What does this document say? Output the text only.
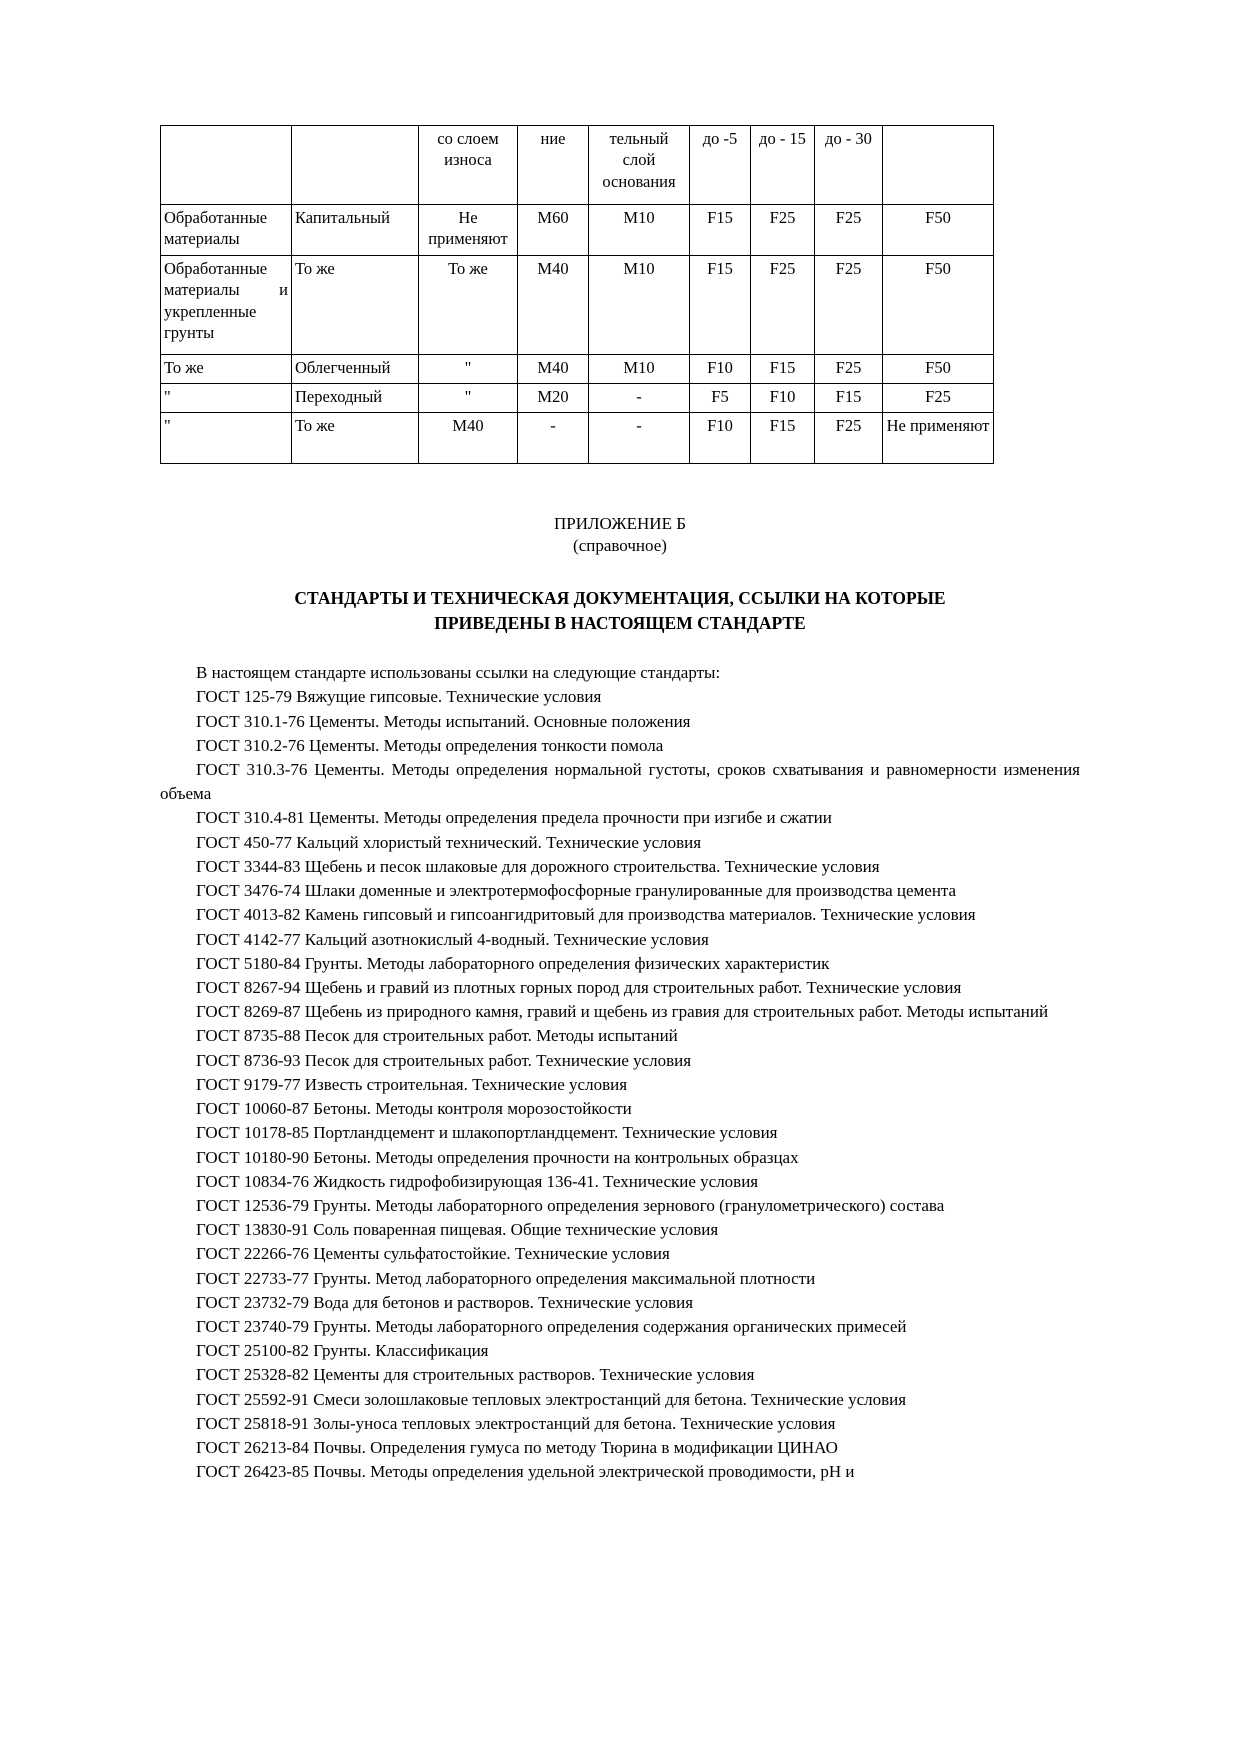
		со слоем износа	ние	тельный слой основания	до -5	до - 15	до - 30	
Обработанные материалы	Капитальный	Не применяют	М60	М10	F15	F25	F25	F50

Обработанные
материалы и
укрепленные
грунты	То же	То же	М40	М10	F15	F25	F25	F50
То же	Облегченный	"	М40	М10	F10	F15	F25	F50
"	Переходный	"	М20	-	F5	F10	F15	F25
"	То же	М40	-	-	F10	F15	F25	Не применяют
ПРИЛОЖЕНИЕ Б
(справочное)
СТАНДАРТЫ И ТЕХНИЧЕСКАЯ ДОКУМЕНТАЦИЯ, ССЫЛКИ НА КОТОРЫЕ
ПРИВЕДЕНЫ В НАСТОЯЩЕМ СТАНДАРТЕ

В настоящем стандарте использованы ссылки на следующие стандарты:

ГОСТ 125-79 Вяжущие гипсовые. Технические условия

ГОСТ 310.1-76 Цементы. Методы испытаний. Основные положения

ГОСТ 310.2-76 Цементы. Методы определения тонкости помола

ГОСТ 310.3-76 Цементы. Методы определения нормальной густоты, сроков схватывания и равномерности изменения объема

ГОСТ 310.4-81 Цементы. Методы определения предела прочности при изгибе и сжатии

ГОСТ 450-77 Кальций хлористый технический. Технические условия

ГОСТ 3344-83 Щебень и песок шлаковые для дорожного строительства. Технические условия

ГОСТ 3476-74 Шлаки доменные и электротермофосфорные гранулированные для производства цемента

ГОСТ 4013-82 Камень гипсовый и гипсоангидритовый для производства материалов. Технические условия

ГОСТ 4142-77 Кальций азотнокислый 4-водный. Технические условия

ГОСТ 5180-84 Грунты. Методы лабораторного определения физических характеристик

ГОСТ 8267-94 Щебень и гравий из плотных горных пород для строительных работ. Технические условия

ГОСТ 8269-87 Щебень из природного камня, гравий и щебень из гравия для строительных работ. Методы испытаний

ГОСТ 8735-88 Песок для строительных работ. Методы испытаний

ГОСТ 8736-93 Песок для строительных работ. Технические условия

ГОСТ 9179-77 Известь строительная. Технические условия

ГОСТ 10060-87 Бетоны. Методы контроля морозостойкости

ГОСТ 10178-85 Портландцемент и шлакопортландцемент. Технические условия

ГОСТ 10180-90 Бетоны. Методы определения прочности на контрольных образцах

ГОСТ 10834-76 Жидкость гидрофобизирующая 136-41. Технические условия

ГОСТ 12536-79 Грунты. Методы лабораторного определения зернового (гранулометрического) состава

ГОСТ 13830-91 Соль поваренная пищевая. Общие технические условия

ГОСТ 22266-76 Цементы сульфатостойкие. Технические условия

ГОСТ 22733-77 Грунты. Метод лабораторного определения максимальной плотности

ГОСТ 23732-79 Вода для бетонов и растворов. Технические условия

ГОСТ 23740-79 Грунты. Методы лабораторного определения содержания органических примесей

ГОСТ 25100-82 Грунты. Классификация

ГОСТ 25328-82 Цементы для строительных растворов. Технические условия

ГОСТ 25592-91 Смеси золошлаковые тепловых электростанций для бетона. Технические условия

ГОСТ 25818-91 Золы-уноса тепловых электростанций для бетона. Технические условия

ГОСТ 26213-84 Почвы. Определения гумуса по методу Тюрина в модификации ЦИНАО

ГОСТ 26423-85 Почвы. Методы определения удельной электрической проводимости, рН и
